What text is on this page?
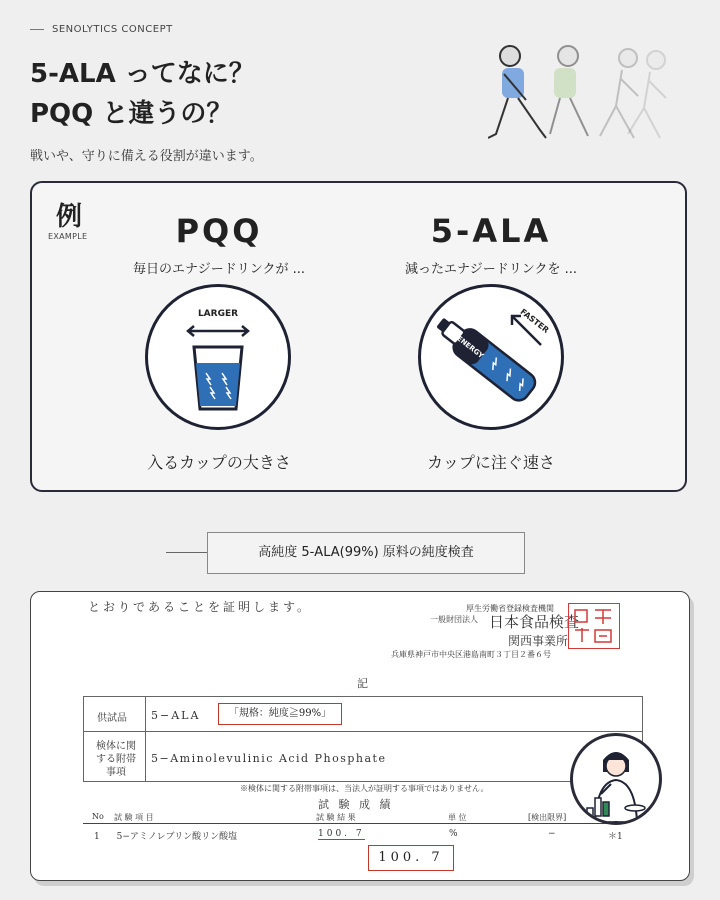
SENOLYTICS CONCEPT
5-ALA ってなに？
PQQ と違うの？
戦いや、守りに備える役割が違います。
例
EXAMPLE	PQQ
毎日のエナジードリンクが ...
LARGER
入るカップの大きさ
5-ALA
減ったエナジードリンクを ...
FASTER
ENERGY
カップに注ぐ速さ
高純度 5-ALA(99%) 原料の純度検査
とおりであることを証明します。	厚生労働省登録検査機関
一般財団法人 日本食品検査
関西事業所
兵庫県神戸市中央区港島南町３丁目２番６号
記
供試品 5−ALA	「規格：純度≧99%」
検体に関する附帯事項
5−Aminolevulinic Acid Phosphate
※検体に関する附帯事項は、当法人が証明する事項ではありません。
試 験 成 績
No 試 験 項 目	試 験 結 果	単 位	[検出限界]
1 5−アミノレブリン酸リン酸塩	100. 7	%	−	＊1
100. 7
